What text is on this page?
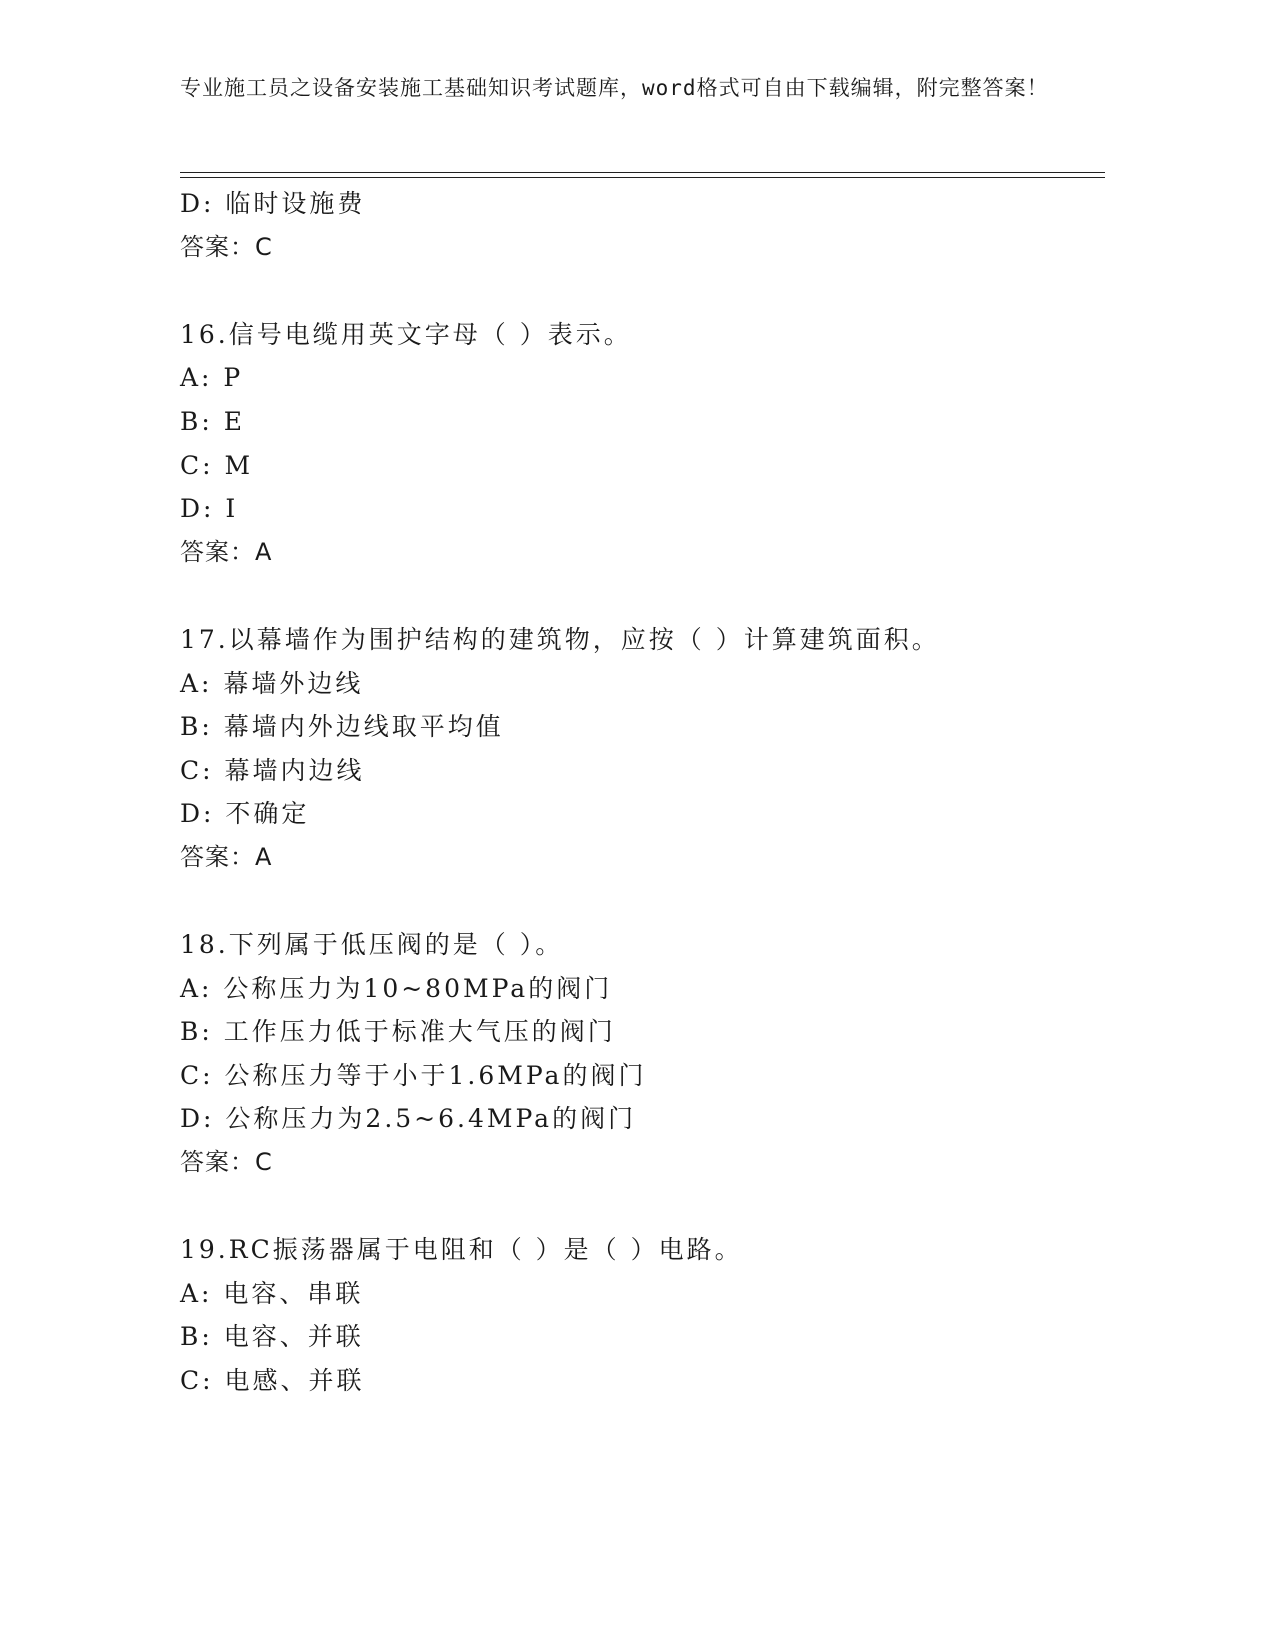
专业施工员之设备安装施工基础知识考试题库，word格式可自由下载编辑，附完整答案！
D: 临时设施费
答案：C
16.信号电缆用英文字母（ ）表示。
A: P
B: E
C: M
D: I
答案：A
17.以幕墙作为围护结构的建筑物，应按（ ）计算建筑面积。
A: 幕墙外边线
B: 幕墙内外边线取平均值
C: 幕墙内边线
D: 不确定
答案：A
18.下列属于低压阀的是（ ）。
A: 公称压力为10~80MPa的阀门
B: 工作压力低于标准大气压的阀门
C: 公称压力等于小于1.6MPa的阀门
D: 公称压力为2.5~6.4MPa的阀门
答案：C
19.RC振荡器属于电阻和（ ）是（ ）电路。
A: 电容、串联
B: 电容、并联
C: 电感、并联
